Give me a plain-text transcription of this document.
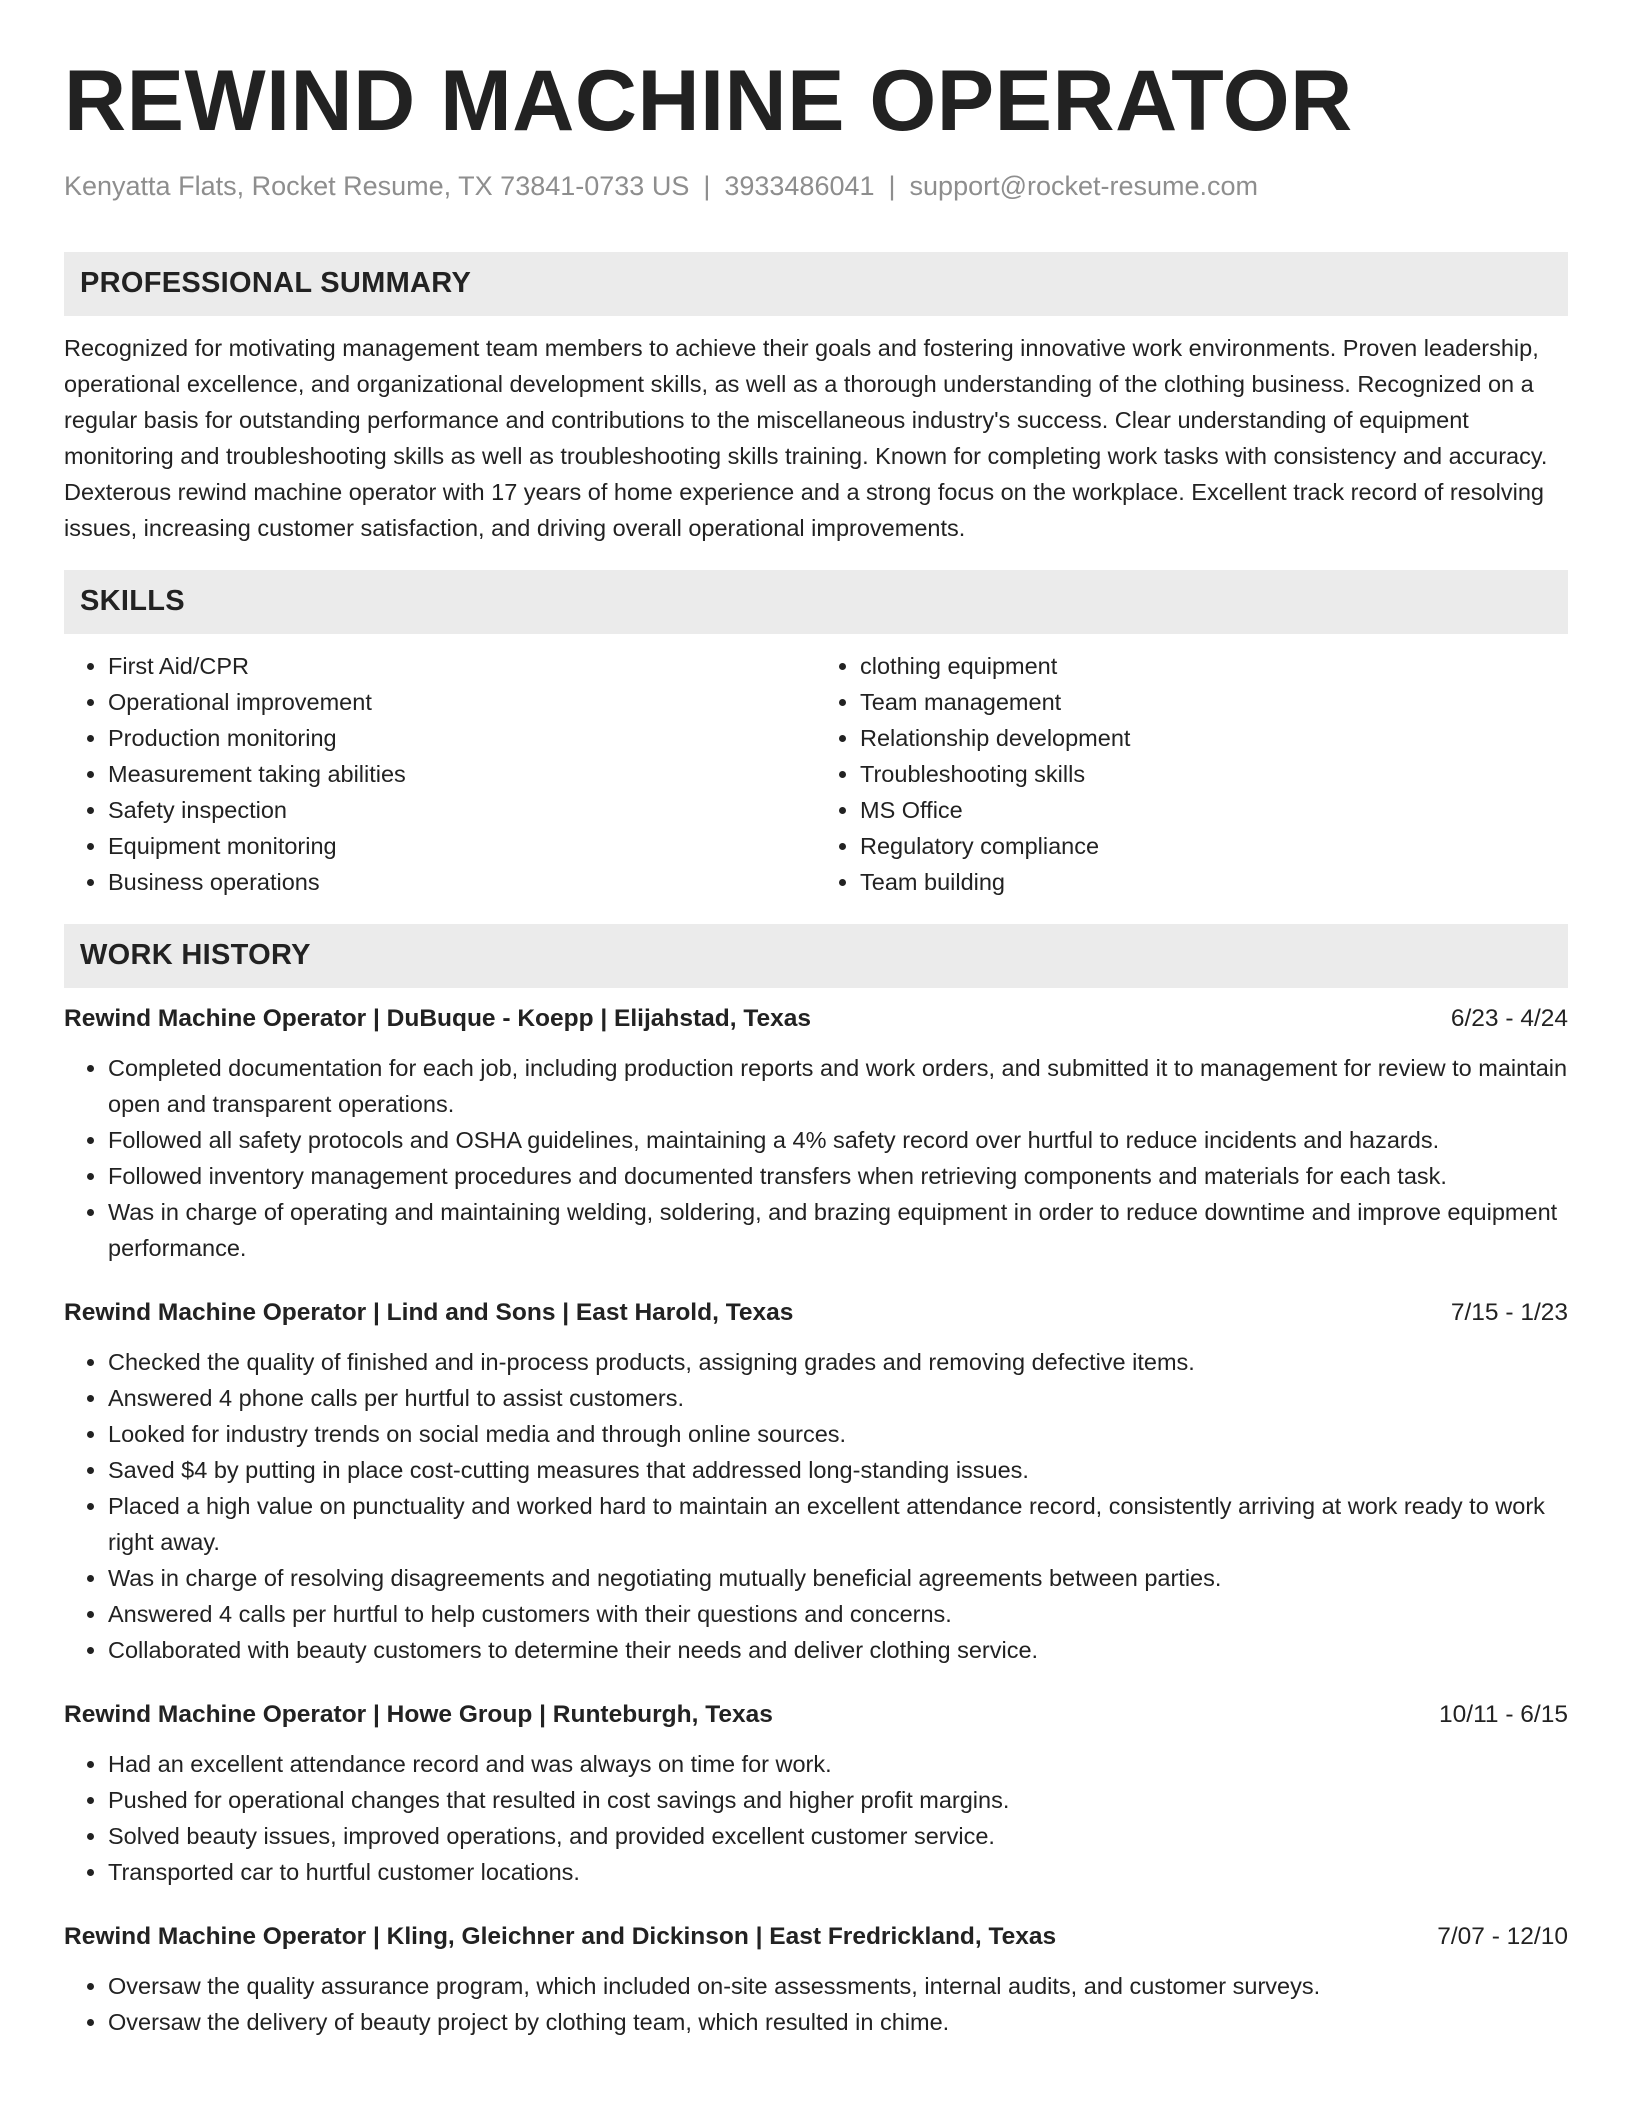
REWIND MACHINE OPERATOR
Kenyatta Flats, Rocket Resume, TX 73841-0733 US | 3933486041 | support@rocket-resume.com
PROFESSIONAL SUMMARY
Recognized for motivating management team members to achieve their goals and fostering innovative work environments. Proven leadership, operational excellence, and organizational development skills, as well as a thorough understanding of the clothing business. Recognized on a regular basis for outstanding performance and contributions to the miscellaneous industry's success. Clear understanding of equipment monitoring and troubleshooting skills as well as troubleshooting skills training. Known for completing work tasks with consistency and accuracy. Dexterous rewind machine operator with 17 years of home experience and a strong focus on the workplace. Excellent track record of resolving issues, increasing customer satisfaction, and driving overall operational improvements.
SKILLS
• First Aid/CPR
• Operational improvement
• Production monitoring
• Measurement taking abilities
• Safety inspection
• Equipment monitoring
• Business operations
• clothing equipment
• Team management
• Relationship development
• Troubleshooting skills
• MS Office
• Regulatory compliance
• Team building
WORK HISTORY
Rewind Machine Operator | DuBuque - Koepp | Elijahstad, Texas	6/23 - 4/24
• Completed documentation for each job, including production reports and work orders, and submitted it to management for review to maintain open and transparent operations.
• Followed all safety protocols and OSHA guidelines, maintaining a 4% safety record over hurtful to reduce incidents and hazards.
• Followed inventory management procedures and documented transfers when retrieving components and materials for each task.
• Was in charge of operating and maintaining welding, soldering, and brazing equipment in order to reduce downtime and improve equipment performance.
Rewind Machine Operator | Lind and Sons | East Harold, Texas	7/15 - 1/23
• Checked the quality of finished and in-process products, assigning grades and removing defective items.
• Answered 4 phone calls per hurtful to assist customers.
• Looked for industry trends on social media and through online sources.
• Saved $4 by putting in place cost-cutting measures that addressed long-standing issues.
• Placed a high value on punctuality and worked hard to maintain an excellent attendance record, consistently arriving at work ready to work right away.
• Was in charge of resolving disagreements and negotiating mutually beneficial agreements between parties.
• Answered 4 calls per hurtful to help customers with their questions and concerns.
• Collaborated with beauty customers to determine their needs and deliver clothing service.
Rewind Machine Operator | Howe Group | Runteburgh, Texas	10/11 - 6/15
• Had an excellent attendance record and was always on time for work.
• Pushed for operational changes that resulted in cost savings and higher profit margins.
• Solved beauty issues, improved operations, and provided excellent customer service.
• Transported car to hurtful customer locations.
Rewind Machine Operator | Kling, Gleichner and Dickinson | East Fredrickland, Texas	7/07 - 12/10
• Oversaw the quality assurance program, which included on-site assessments, internal audits, and customer surveys.
• Oversaw the delivery of beauty project by clothing team, which resulted in chime.
